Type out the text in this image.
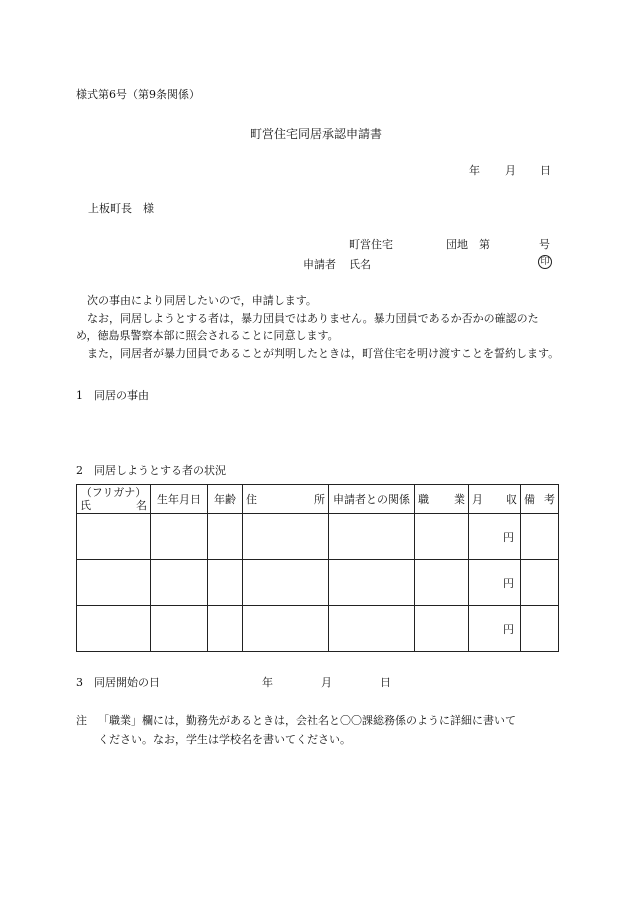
様式第6号（第9条関係）
町営住宅同居承認申請書
年 月 日
上板町長　様
町営住宅	団地 第	号
申請者 氏名	印

　次の事由により同居したいので，申請します。

　なお，同居しようとする者は，暴力団員ではありません。暴力団員であるか否かの確認のため，徳島県警察本部に照会されることに同意します。

　また，同居者が暴力団員であることが判明したときは，町営住宅を明け渡すことを誓約します。

1　同居の事由
2　同居しようとする者の状況
（フリガナ）
氏 名	生年月日	年齢	住 所	申請者との関係	職 業	月 収	備 考

						円	
						円	
						円	
3　同居開始の日	年	月	日
注 「職業」欄には，勤務先があるときは，会社名と〇〇課総務係のように詳細に書いて
ください。なお，学生は学校名を書いてください。
